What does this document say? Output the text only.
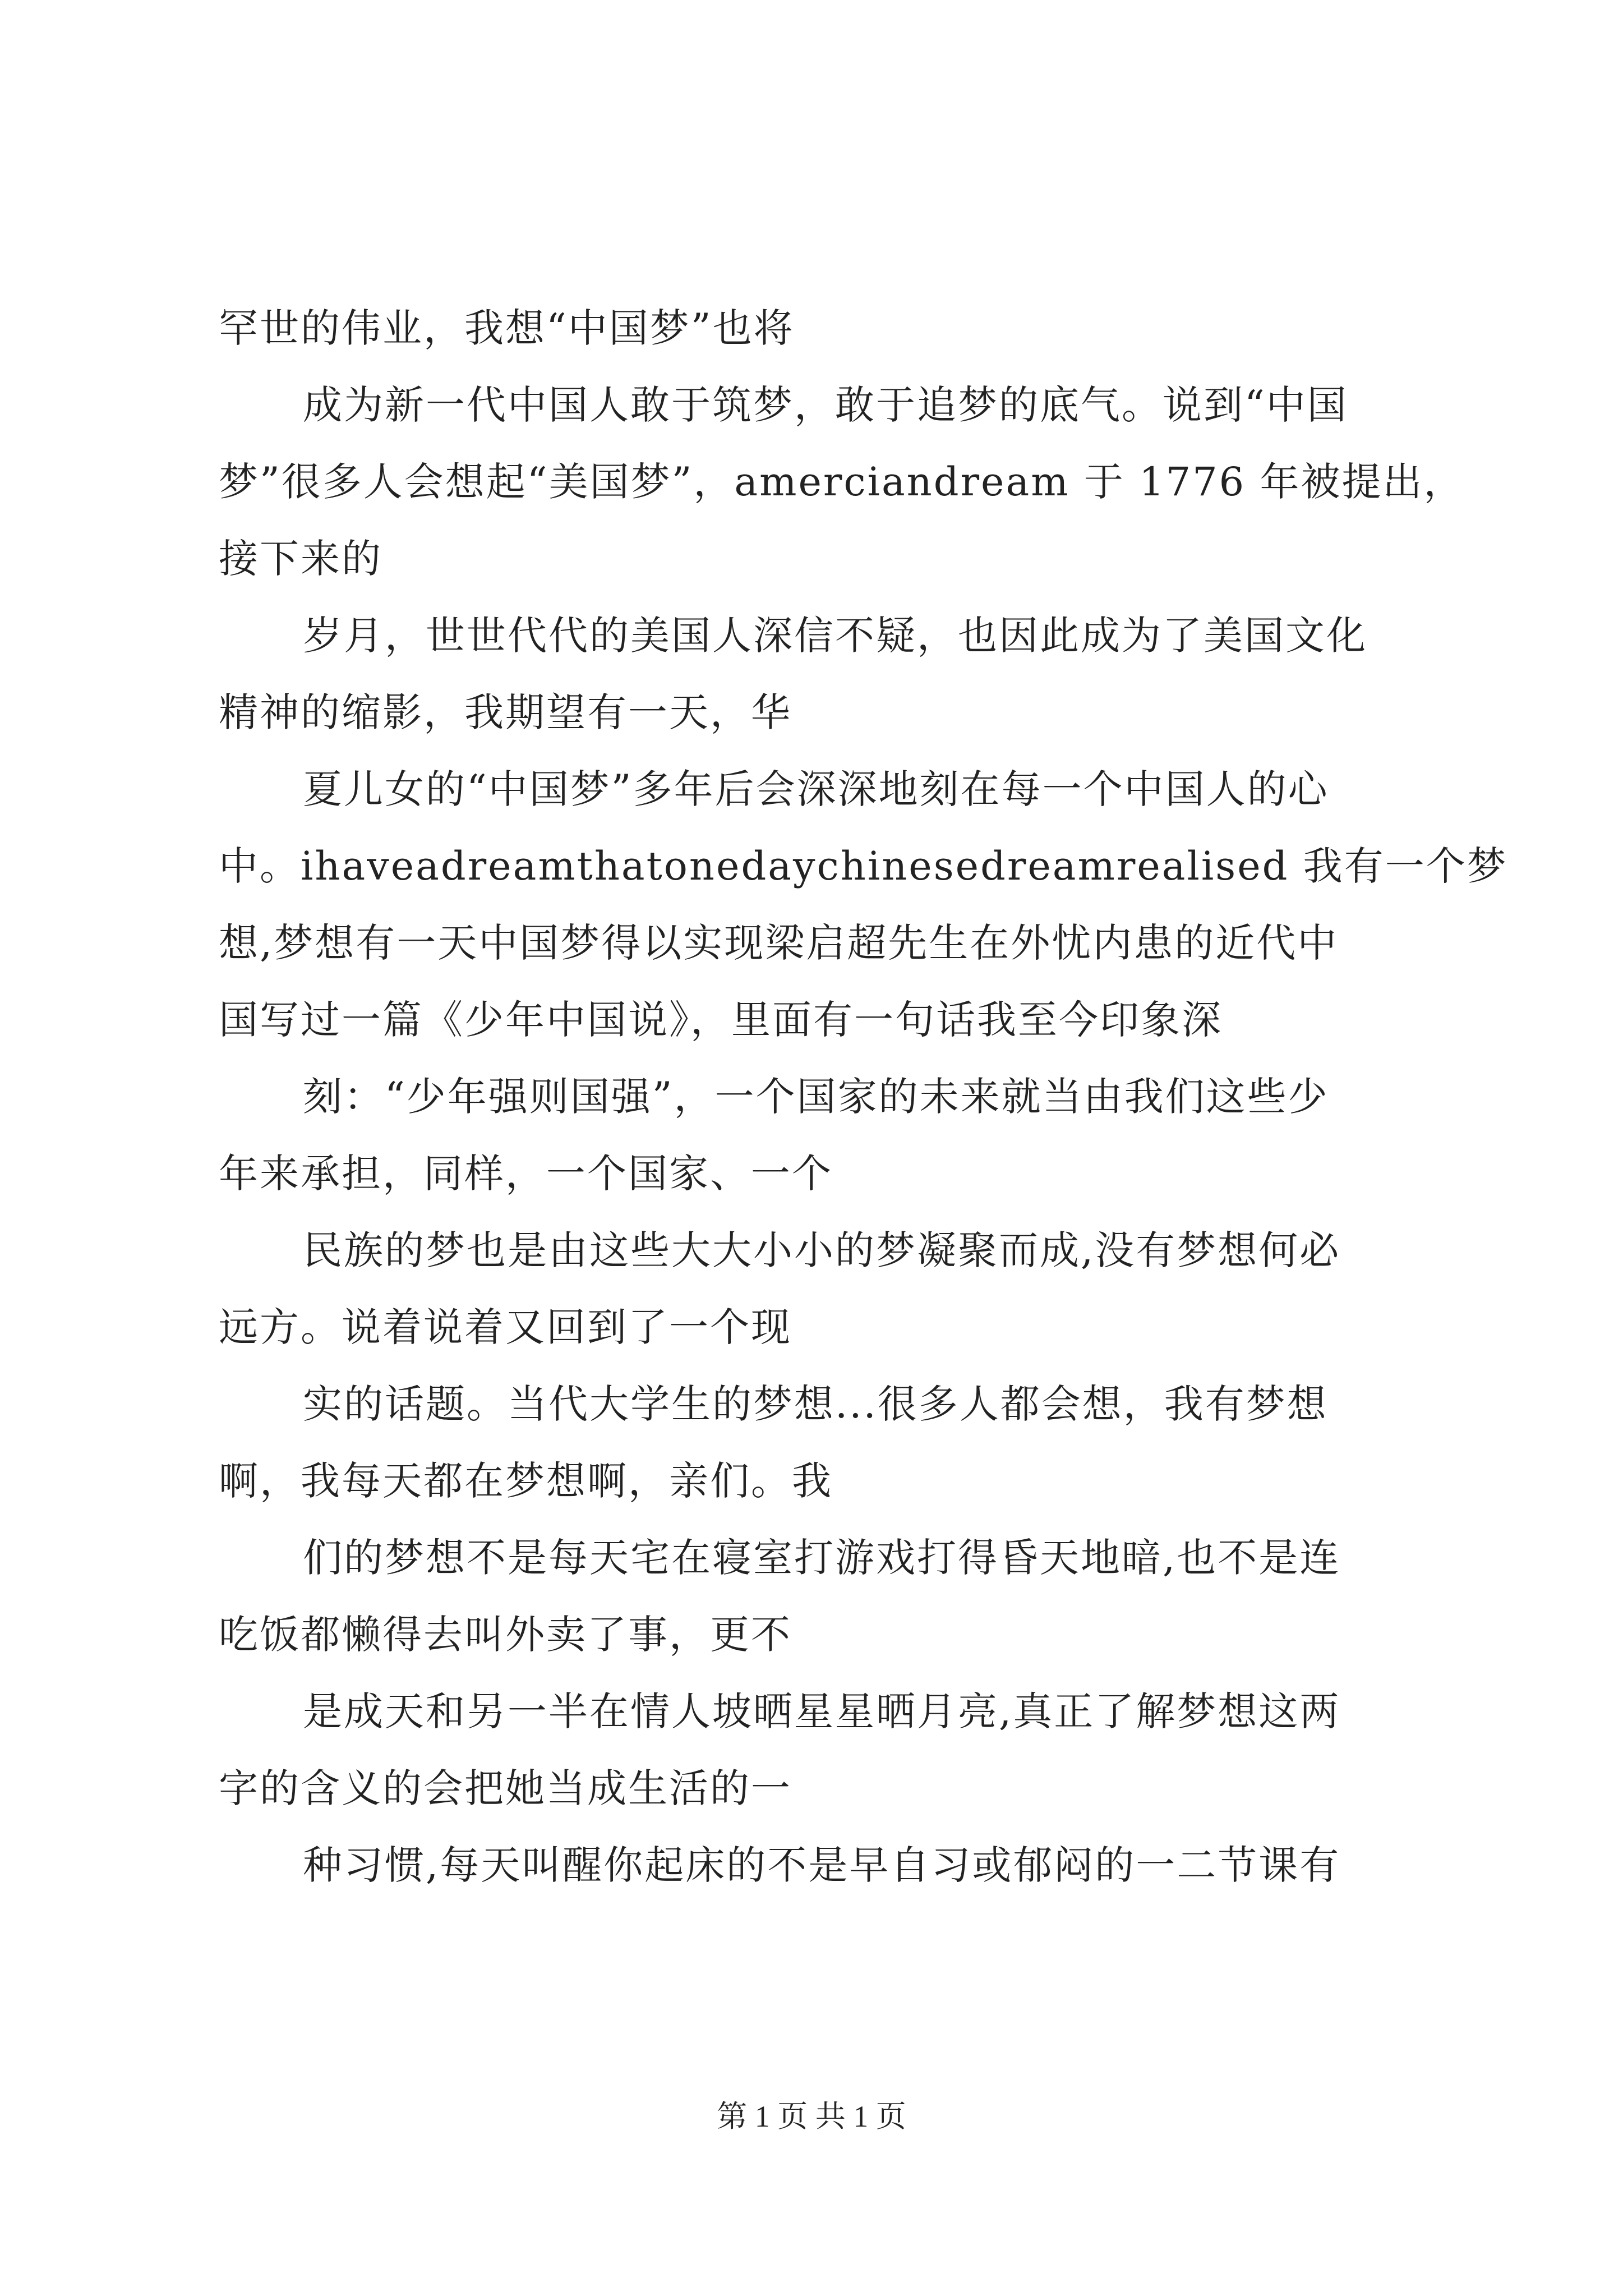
罕世的伟业，我想“中国梦”也将
成为新一代中国人敢于筑梦，敢于追梦的底气。说到“中国
梦”很多人会想起“美国梦”，amerciandream 于 1776 年被提出，
接下来的
岁月，世世代代的美国人深信不疑，也因此成为了美国文化
精神的缩影，我期望有一天，华
夏儿女的“中国梦”多年后会深深地刻在每一个中国人的心
中。ihaveadreamthatonedaychinesedreamrealised 我有一个梦
想,梦想有一天中国梦得以实现梁启超先生在外忧内患的近代中
国写过一篇《少年中国说》，里面有一句话我至今印象深
刻：“少年强则国强”，一个国家的未来就当由我们这些少
年来承担，同样，一个国家、一个
民族的梦也是由这些大大小小的梦凝聚而成,没有梦想何必
远方。说着说着又回到了一个现
实的话题。当代大学生的梦想...很多人都会想，我有梦想
啊，我每天都在梦想啊，亲们。我
们的梦想不是每天宅在寝室打游戏打得昏天地暗,也不是连
吃饭都懒得去叫外卖了事，更不
是成天和另一半在情人坡晒星星晒月亮,真正了解梦想这两
字的含义的会把她当成生活的一
种习惯,每天叫醒你起床的不是早自习或郁闷的一二节课有
第 1 页 共 1 页
